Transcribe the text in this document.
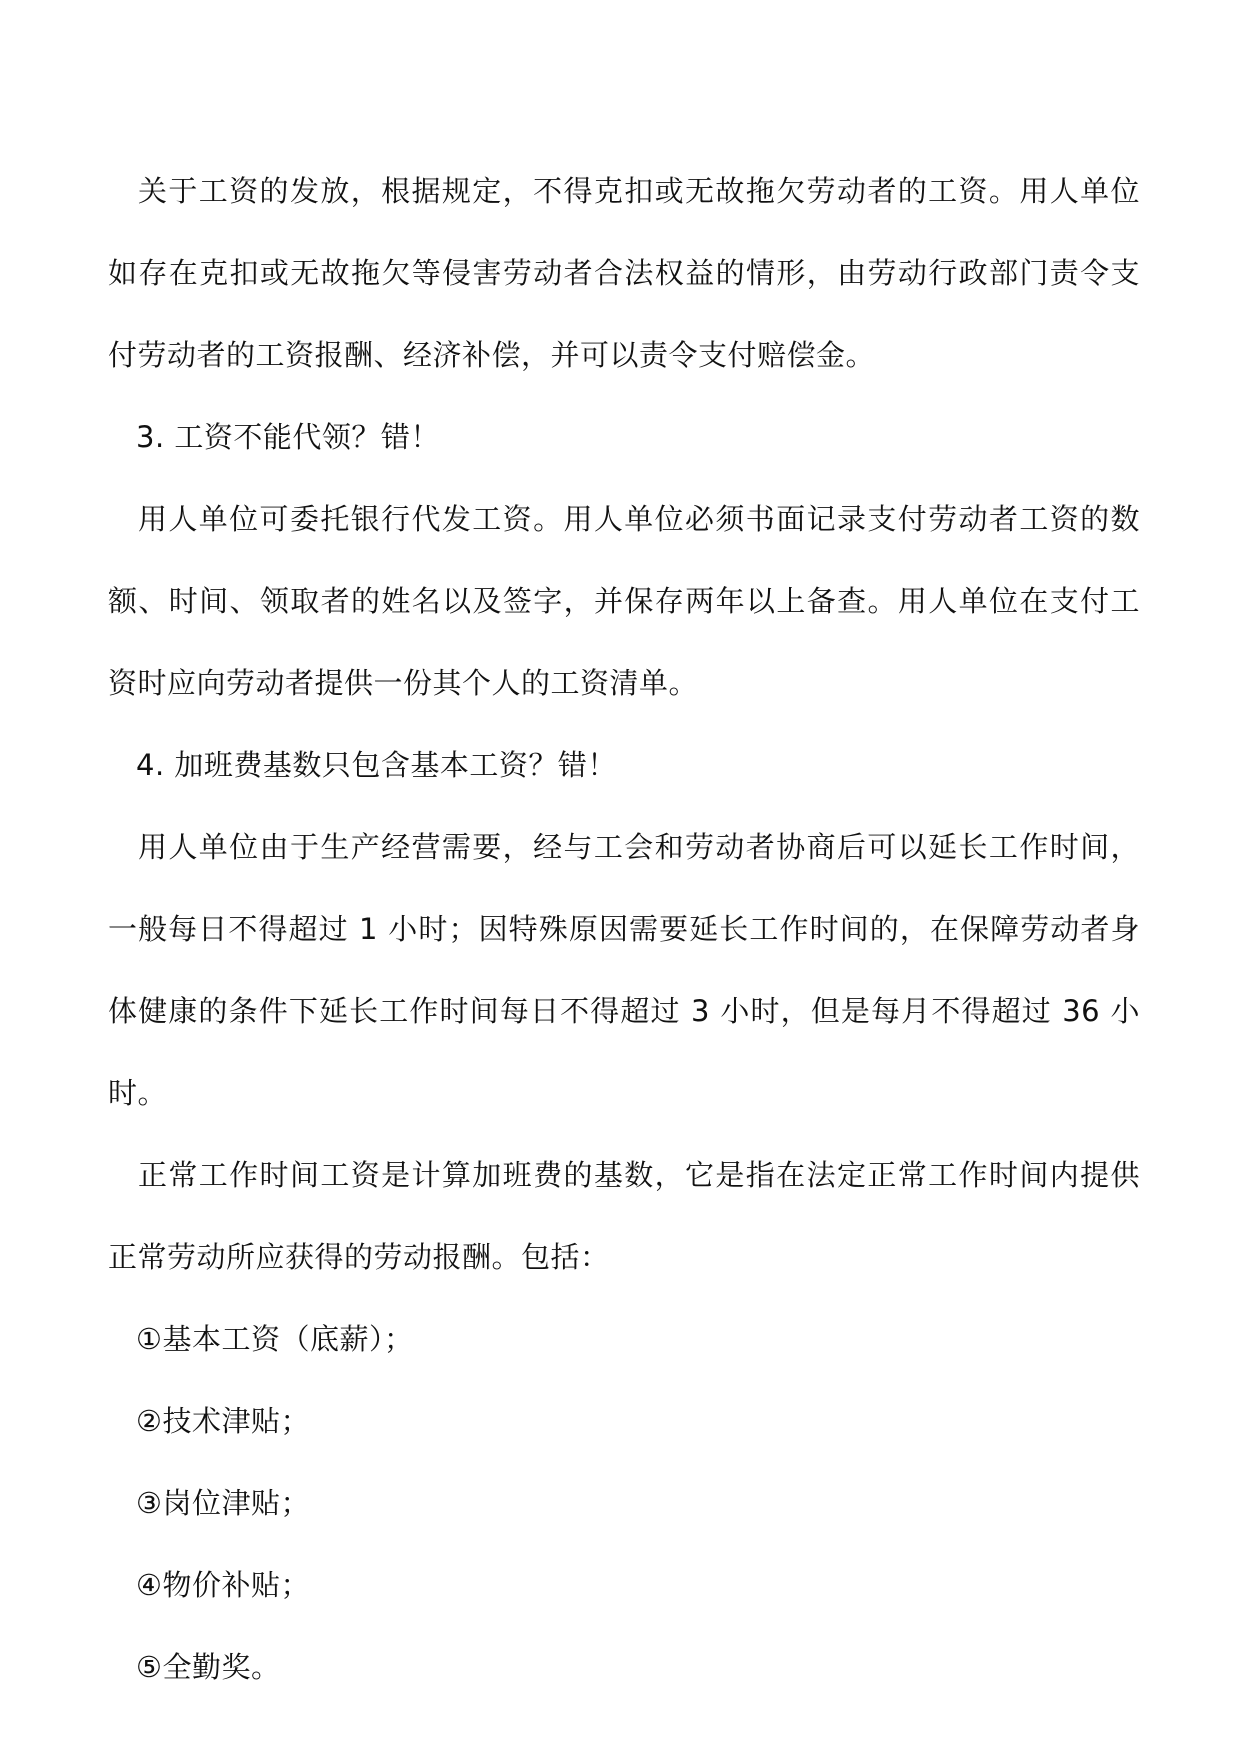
关于工资的发放，根据规定，不得克扣或无故拖欠劳动者的工资。用人单位如存在克扣或无故拖欠等侵害劳动者合法权益的情形，由劳动行政部门责令支付劳动者的工资报酬、经济补偿，并可以责令支付赔偿金。

3. 工资不能代领？错！

用人单位可委托银行代发工资。用人单位必须书面记录支付劳动者工资的数额、时间、领取者的姓名以及签字，并保存两年以上备查。用人单位在支付工资时应向劳动者提供一份其个人的工资清单。

4. 加班费基数只包含基本工资？错！

用人单位由于生产经营需要，经与工会和劳动者协商后可以延长工作时间，一般每日不得超过 1 小时；因特殊原因需要延长工作时间的，在保障劳动者身体健康的条件下延长工作时间每日不得超过 3 小时，但是每月不得超过 36 小时。

正常工作时间工资是计算加班费的基数，它是指在法定正常工作时间内提供正常劳动所应获得的劳动报酬。包括：

①基本工资（底薪）；

②技术津贴；

③岗位津贴；

④物价补贴；

⑤全勤奖。
